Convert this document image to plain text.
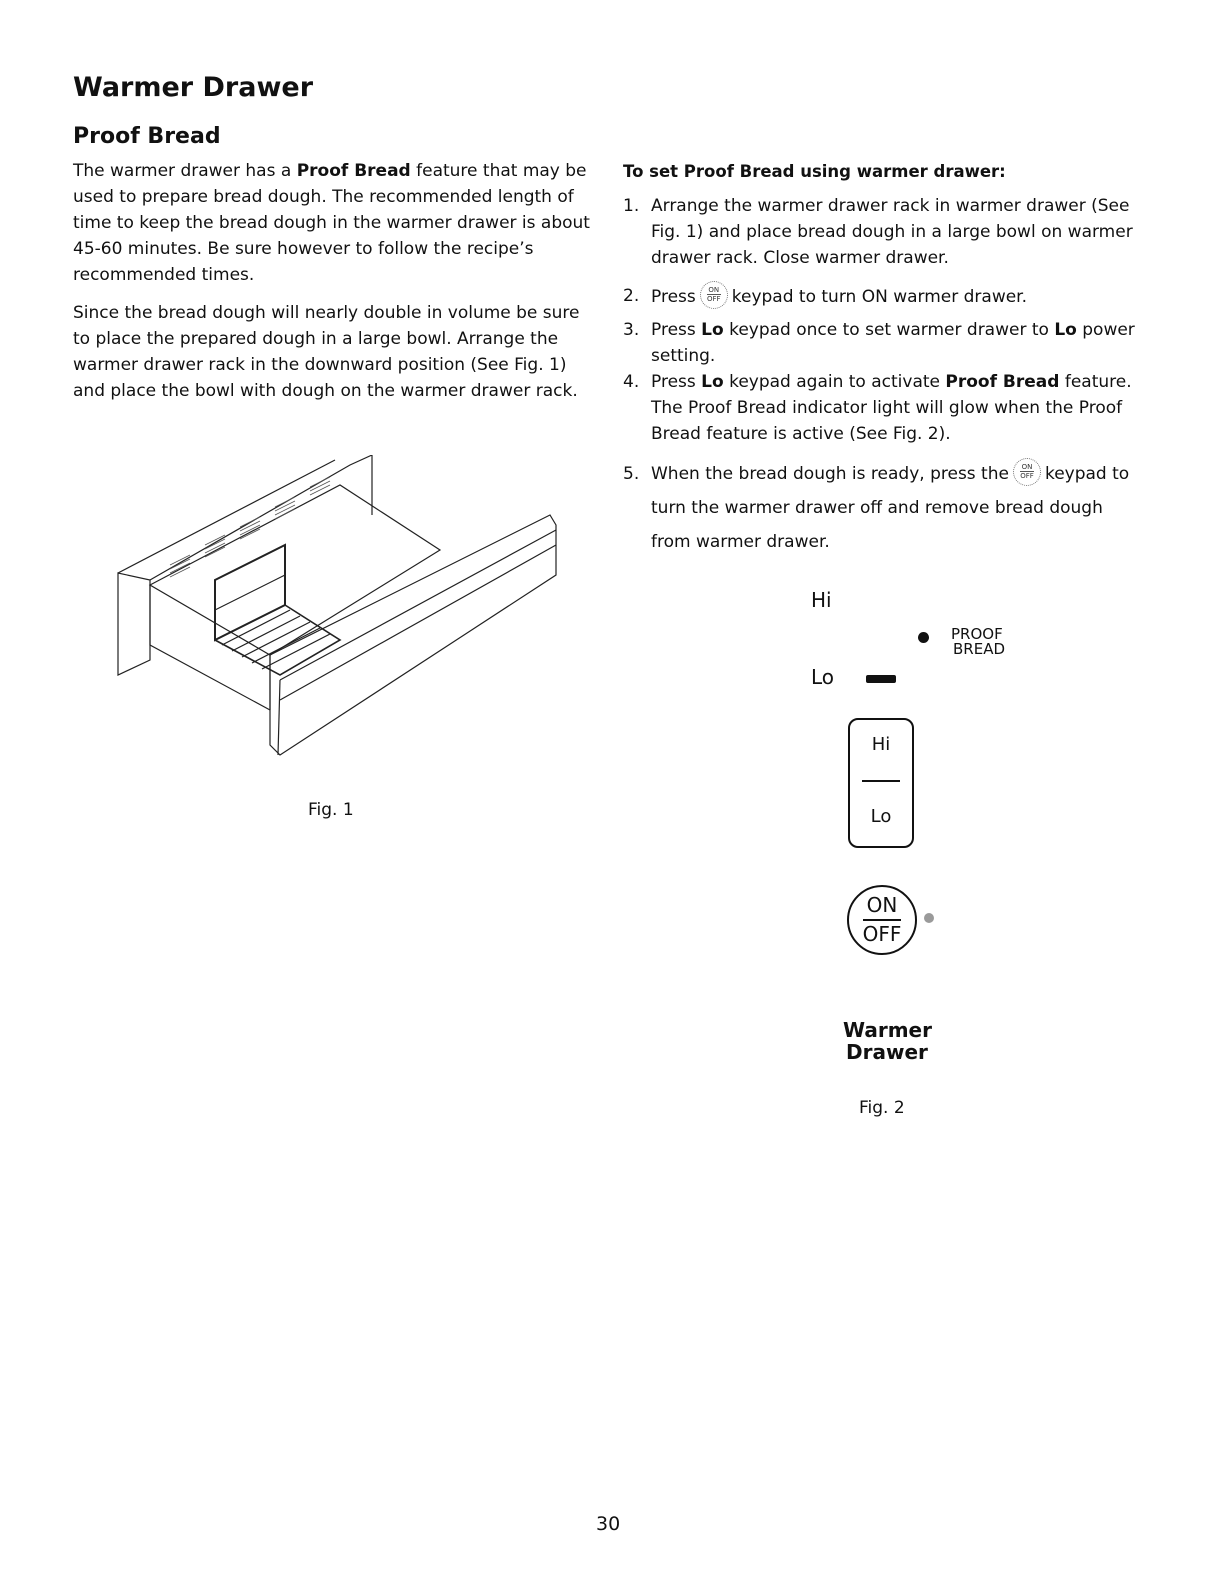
Warmer Drawer
Proof Bread

The warmer drawer has a Proof Bread feature that may be used to prepare bread dough. The recommended length of time to keep the bread dough in the warmer drawer is about 45-60 minutes. Be sure however to follow the recipe’s recommended times.

Since the bread dough will nearly double in volume be sure to place the prepared dough in a large bowl. Arrange the warmer drawer rack in the downward position (See Fig. 1) and place the bowl with dough on the warmer drawer rack.

Fig. 1
To set Proof Bread using warmer drawer:
1. Arrange the warmer drawer rack in warmer drawer (See Fig. 1) and place bread dough in a large bowl on warmer drawer rack. Close warmer drawer.
2. Press ON
OFF keypad to turn ON warmer drawer.
3. Press Lo keypad once to set warmer drawer to Lo power setting.
4. Press Lo keypad again to activate Proof Bread feature. The Proof Bread indicator light will glow when the Proof Bread feature is active (See Fig. 2).
5. When the bread dough is ready, press the ON
OFF keypad to turn the warmer drawer off and remove bread dough from warmer drawer.
Hi
PROOF
BREAD
Lo
Hi
Lo
ON
OFF
Warmer
Drawer
Fig. 2
30
